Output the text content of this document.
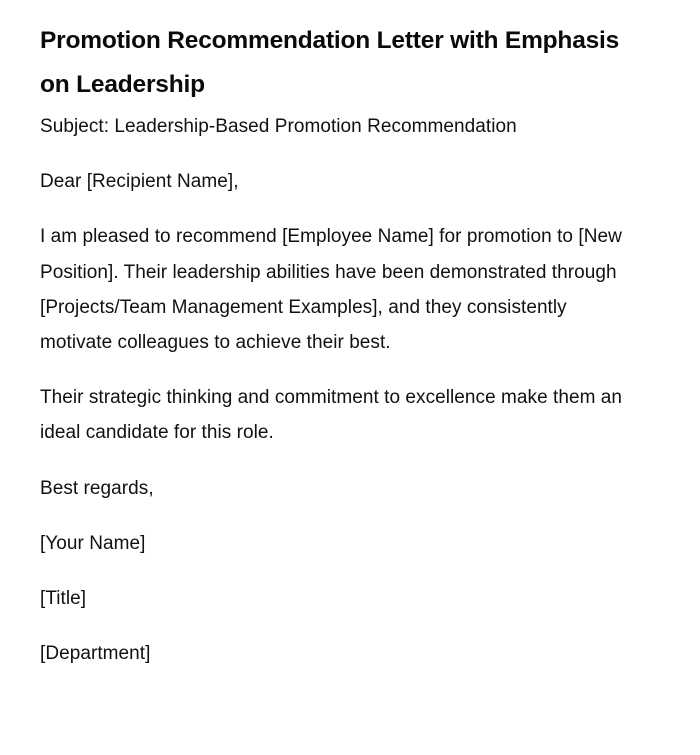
Promotion Recommendation Letter with Emphasis on Leadership

Subject: Leadership-Based Promotion Recommendation

Dear [Recipient Name],

I am pleased to recommend [Employee Name] for promotion to [New Position]. Their leadership abilities have been demonstrated through [Projects/Team Management Examples], and they consistently motivate colleagues to achieve their best.

Their strategic thinking and commitment to excellence make them an ideal candidate for this role.

Best regards,

[Your Name]

[Title]

[Department]
